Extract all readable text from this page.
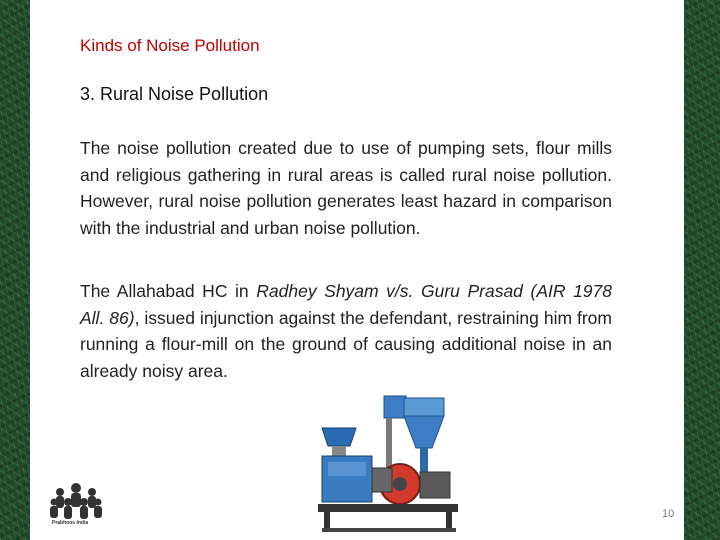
Kinds of Noise Pollution
3. Rural Noise Pollution

The noise pollution created due to use of pumping sets, flour mills and religious gathering in rural areas is called rural noise pollution. However, rural noise pollution generates least hazard in comparison with the industrial and urban noise pollution.

The Allahabad HC in Radhey Shyam v/s. Guru Prasad (AIR 1978 All. 86), issued injunction against the defendant, restraining him from running a flour-mill on the ground of causing additional noise in an already noisy area.

Prabhoos India
10
